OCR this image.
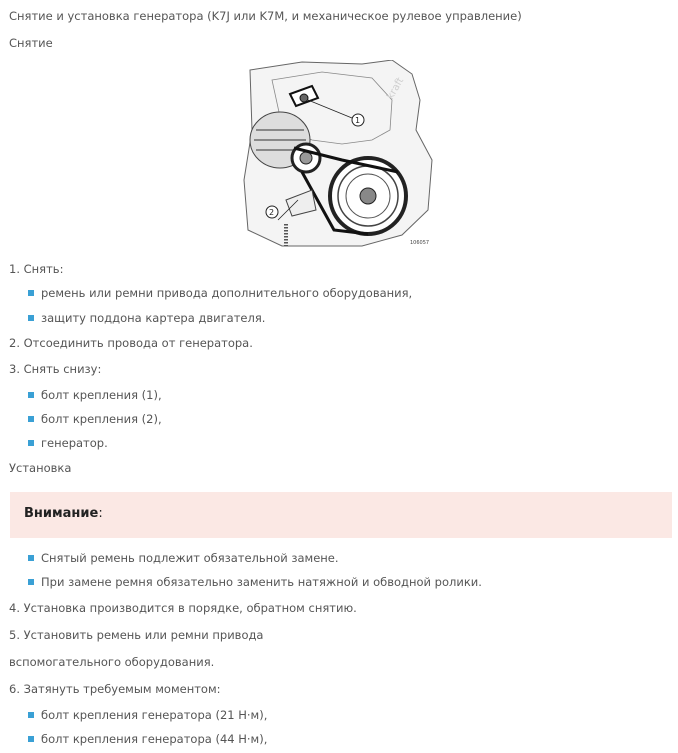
Снятие и установка генератора (K7J или K7M, и механическое рулевое управление)
Снятие
1
2
kraft
106057
1. Снять:
ремень или ремни привода дополнительного оборудования,
защиту поддона картера двигателя.
2. Отсоединить провода от генератора.
3. Снять снизу:
болт крепления (1),
болт крепления (2),
генератор.
Установка
Внимание:
Снятый ремень подлежит обязательной замене.
При замене ремня обязательно заменить натяжной и обводной ролики.
4. Установка производится в порядке, обратном снятию.
5. Установить ремень или ремни привода
вспомогательного оборудования.
6. Затянуть требуемым моментом:
болт крепления генератора (21 Н·м),
болт крепления генератора (44 Н·м),
